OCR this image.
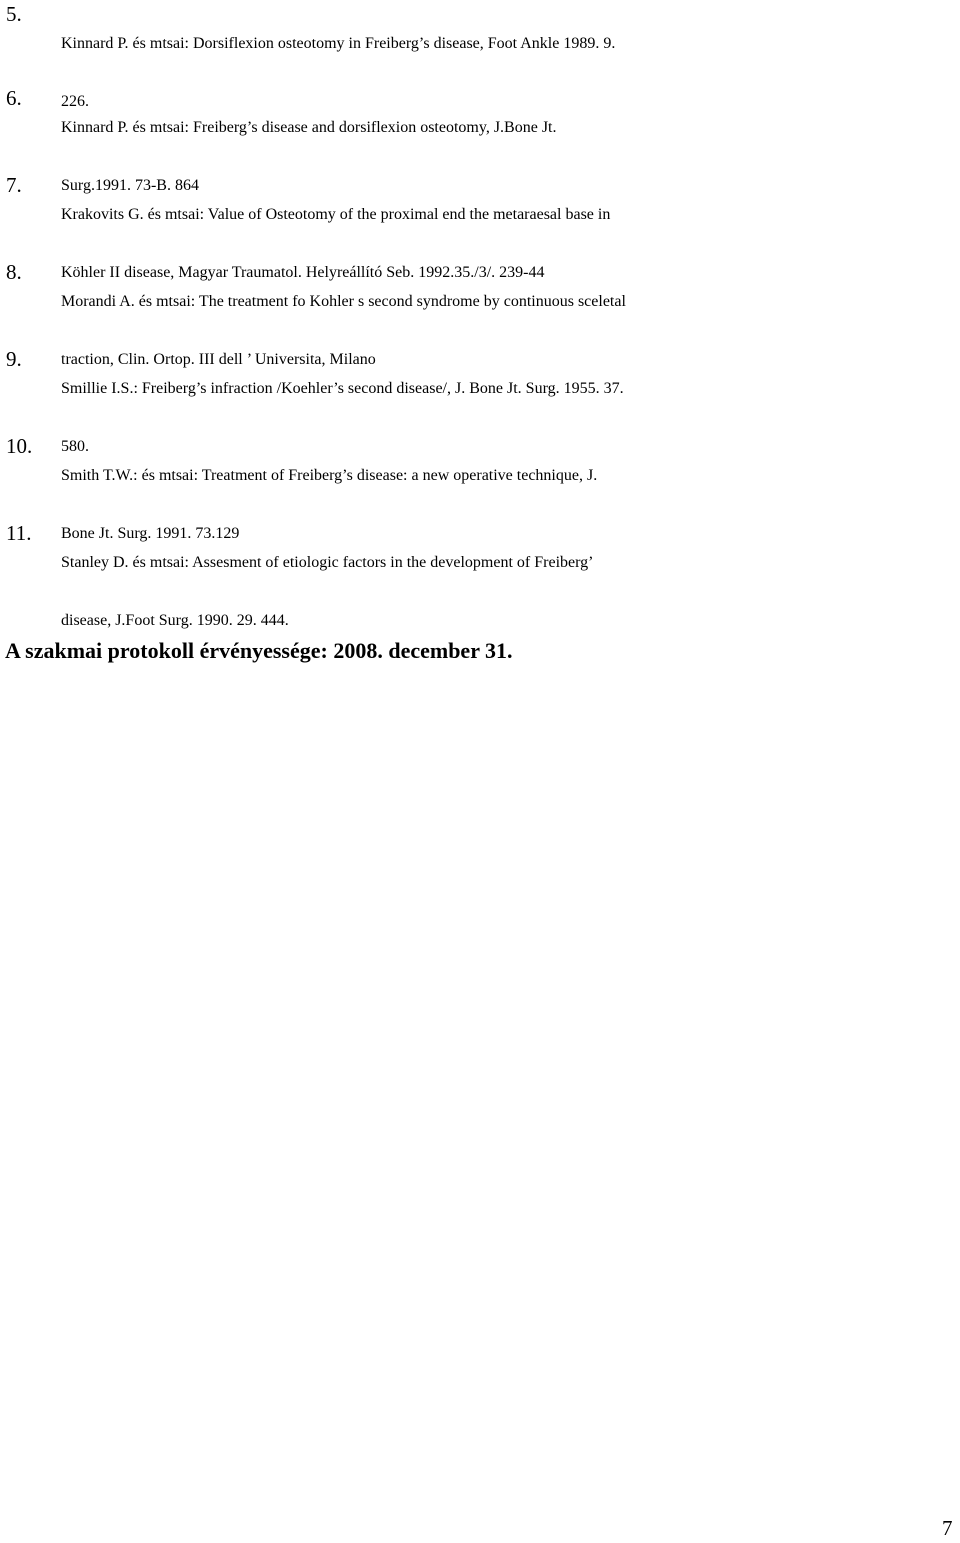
5.

Kinnard P. és mtsai: Dorsiflexion osteotomy in Freiberg’s disease, Foot Ankle 1989. 9.

226.

6.

Kinnard P. és mtsai: Freiberg’s disease and dorsiflexion osteotomy, J.Bone Jt.

Surg.1991. 73-B. 864

7.

Krakovits G. és mtsai: Value of Osteotomy of the proximal end the metaraesal base in

Köhler II disease, Magyar Traumatol. Helyreállító Seb. 1992.35./3/. 239-44

8.

Morandi A. és mtsai: The treatment fo Kohler s second syndrome by continuous sceletal

traction, Clin. Ortop. III dell ’ Universita, Milano

9.

Smillie I.S.: Freiberg’s infraction /Koehler’s second disease/, J. Bone Jt. Surg. 1955. 37.

580.

10.

Smith T.W.: és mtsai: Treatment of Freiberg’s disease: a new operative technique, J.

Bone Jt. Surg. 1991. 73.129

11.

Stanley D. és mtsai: Assesment of etiologic factors in the development of Freiberg’

disease, J.Foot Surg. 1990. 29. 444.

A szakmai protokoll érvényessége: 2008. december 31.
7
